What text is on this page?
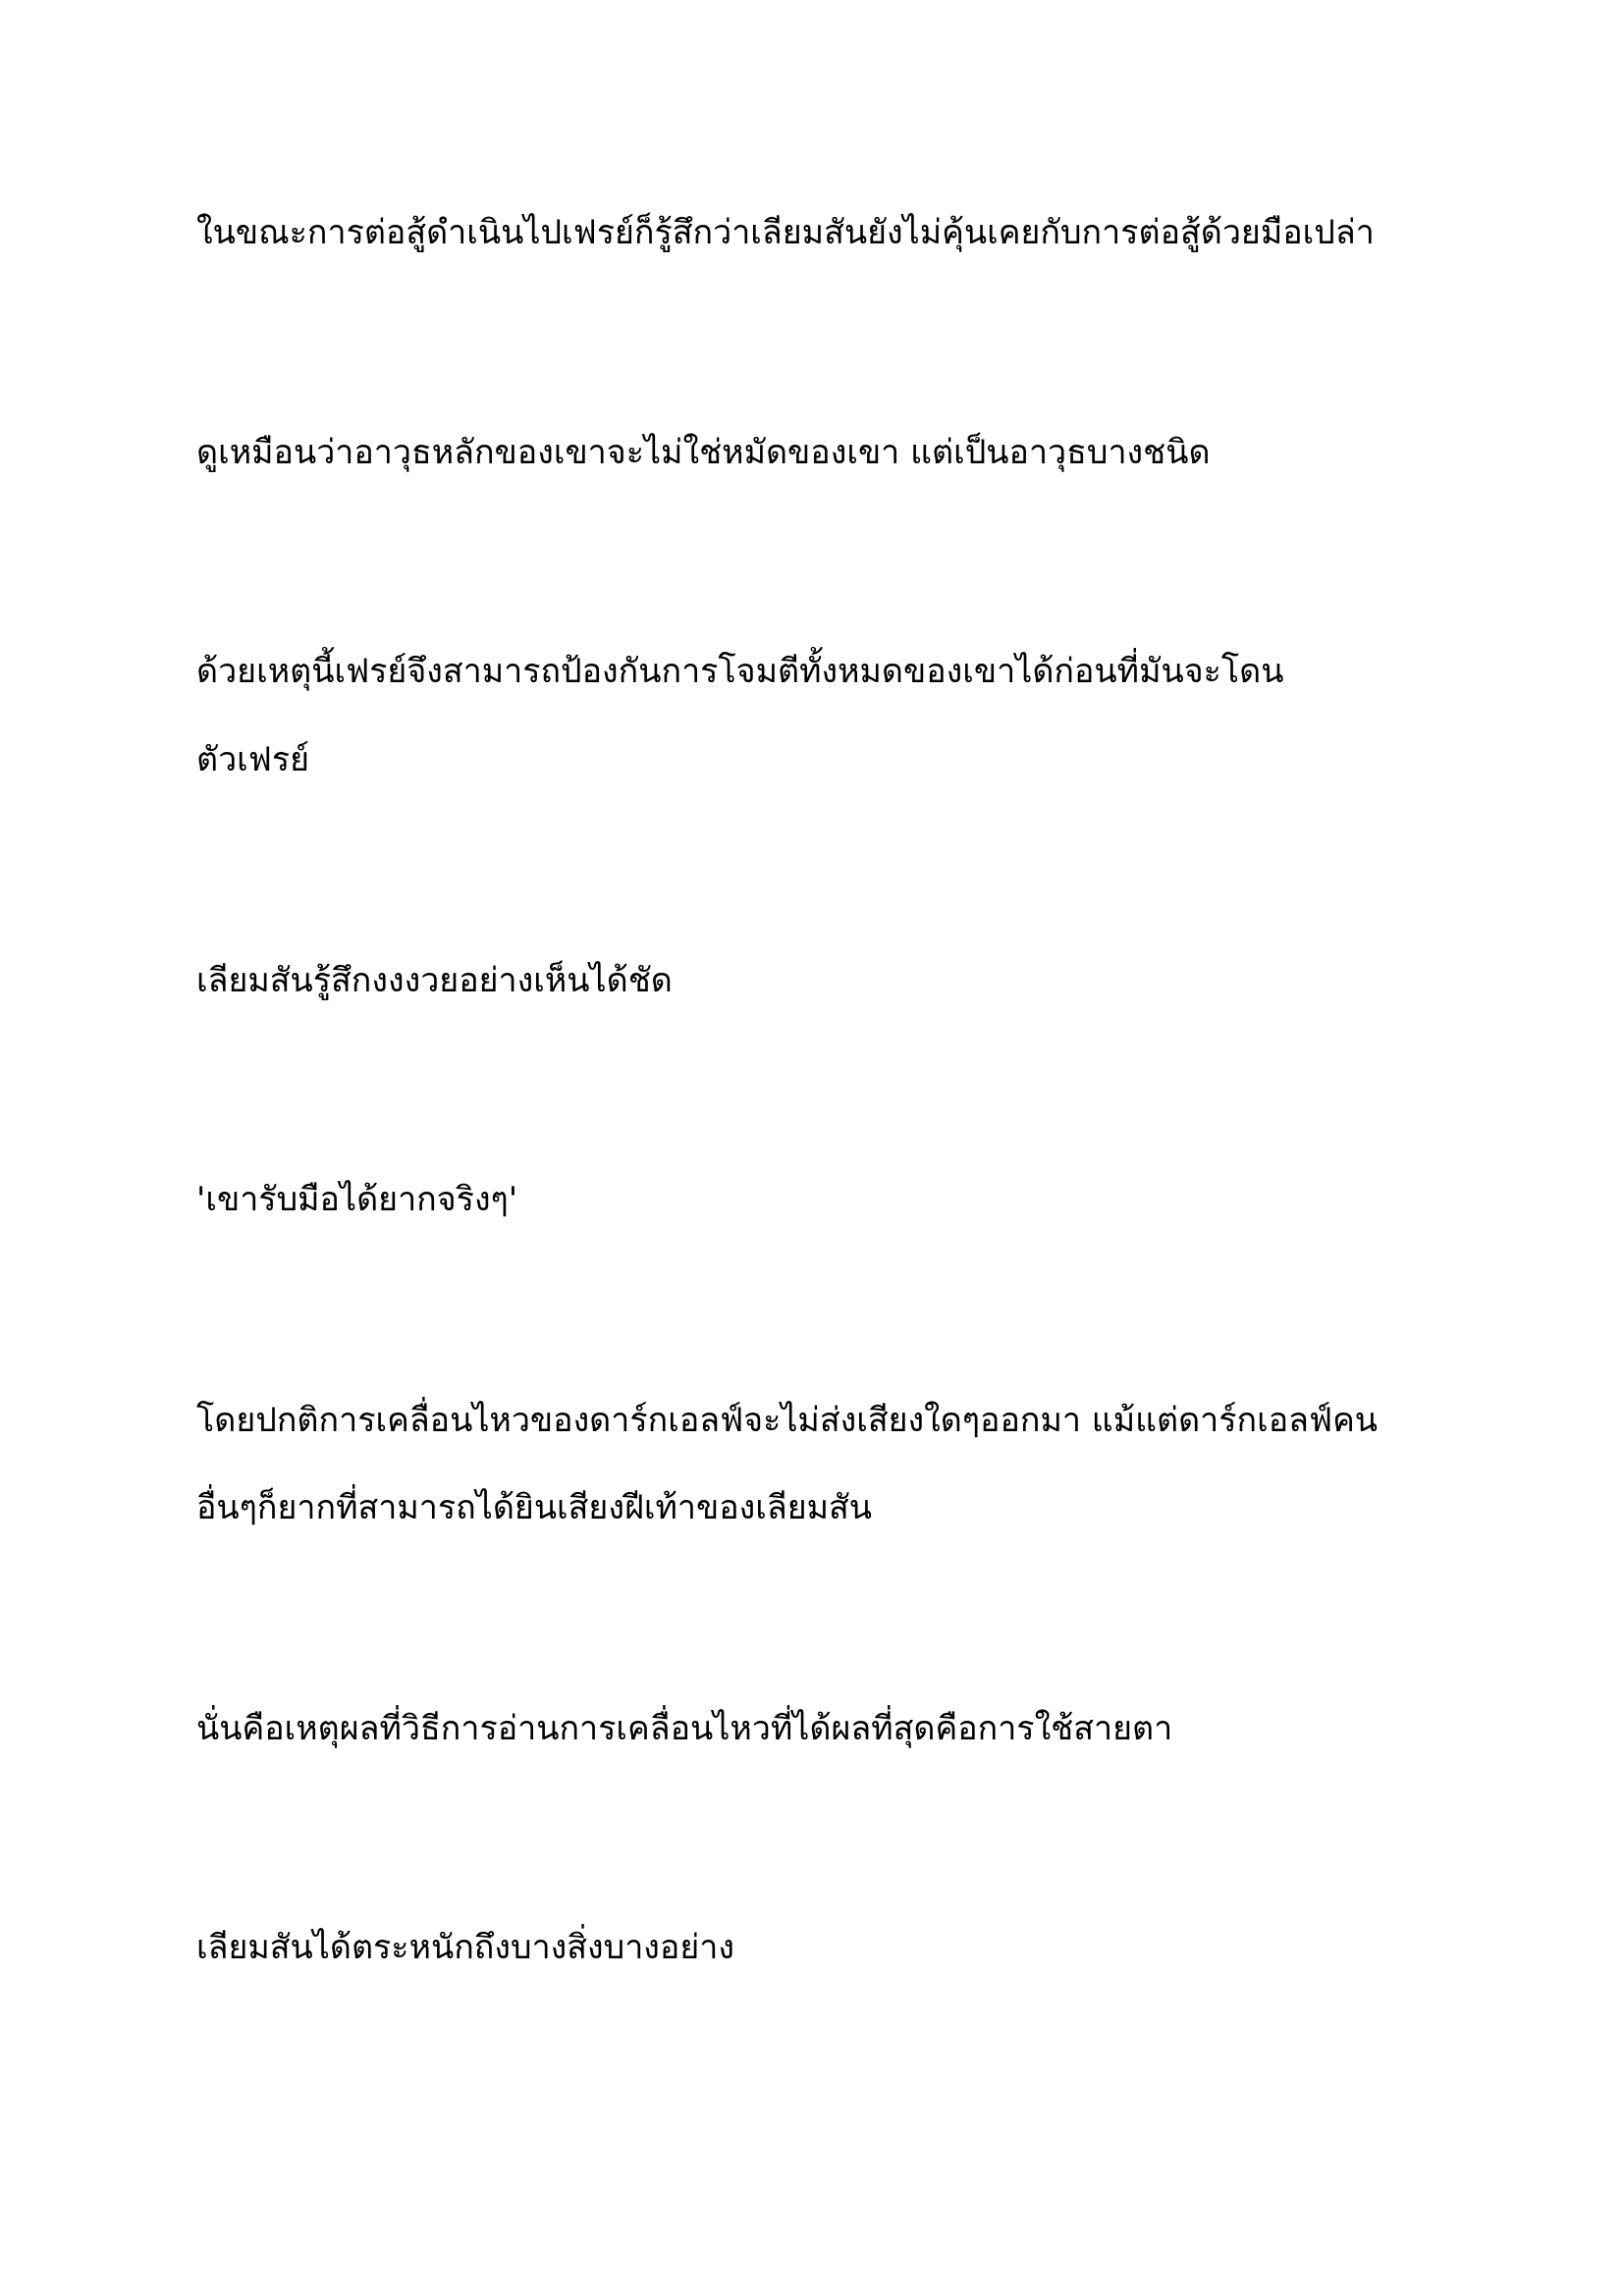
ในขณะการต่อสู้ดำเนินไปเฟรย์ก็รู้สึกว่าเลียมสันยังไม่คุ้นเคยกับการต่อสู้ด้วยมือเปล่า

ดูเหมือนว่าอาวุธหลักของเขาจะไม่ใช่หมัดของเขา แต่เป็นอาวุธบางชนิด

ด้วยเหตุนี้เฟรย์จึงสามารถป้องกันการโจมตีทั้งหมดของเขาได้ก่อนที่มันจะโดน

ตัวเฟรย์

เลียมสันรู้สึกงงงวยอย่างเห็นได้ชัด

'เขารับมือได้ยากจริงๆ'

โดยปกติการเคลื่อนไหวของดาร์กเอลฟ์จะไม่ส่งเสียงใดๆออกมา แม้แต่ดาร์กเอลฟ์คน

อื่นๆก็ยากที่สามารถได้ยินเสียงฝีเท้าของเลียมสัน

นั่นคือเหตุผลที่วิธีการอ่านการเคลื่อนไหวที่ได้ผลที่สุดคือการใช้สายตา

เลียมสันได้ตระหนักถึงบางสิ่งบางอย่าง
